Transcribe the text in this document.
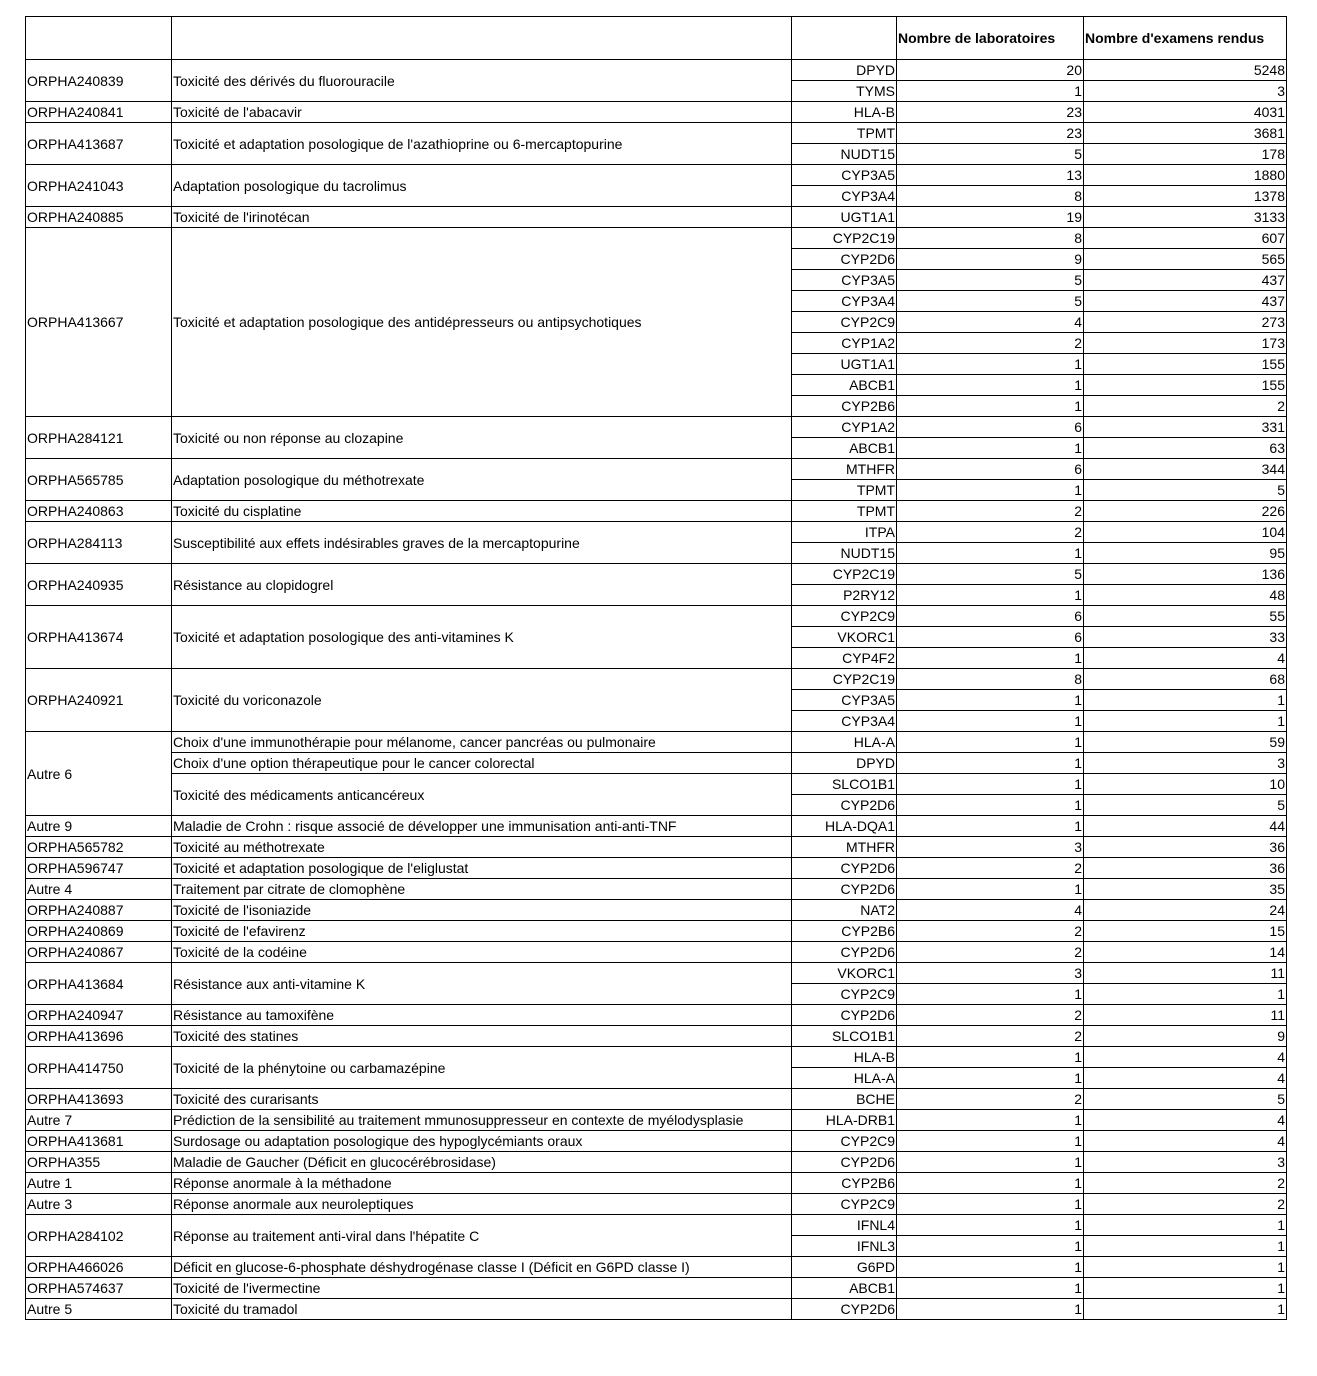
			Nombre de laboratoires	Nombre d'examens rendus
ORPHA240839	Toxicité des dérivés du fluorouracile	DPYD	20	5248
		TYMS	1	3
ORPHA240841	Toxicité de l'abacavir	HLA-B	23	4031
ORPHA413687	Toxicité et adaptation posologique de l'azathioprine ou 6-mercaptopurine	TPMT	23	3681
		NUDT15	5	178
ORPHA241043	Adaptation posologique du tacrolimus	CYP3A5	13	1880
		CYP3A4	8	1378
ORPHA240885	Toxicité de l'irinotécan	UGT1A1	19	3133
ORPHA413667	Toxicité et adaptation posologique des antidépresseurs ou antipsychotiques	CYP2C19	8	607
		CYP2D6	9	565
		CYP3A5	5	437
		CYP3A4	5	437
		CYP2C9	4	273
		CYP1A2	2	173
		UGT1A1	1	155
		ABCB1	1	155
		CYP2B6	1	2
ORPHA284121	Toxicité ou non réponse au clozapine	CYP1A2	6	331
		ABCB1	1	63
ORPHA565785	Adaptation posologique du méthotrexate	MTHFR	6	344
		TPMT	1	5
ORPHA240863	Toxicité du cisplatine	TPMT	2	226
ORPHA284113	Susceptibilité aux effets indésirables graves de la mercaptopurine	ITPA	2	104
		NUDT15	1	95
ORPHA240935	Résistance au clopidogrel	CYP2C19	5	136
		P2RY12	1	48
ORPHA413674	Toxicité et adaptation posologique des anti-vitamines K	CYP2C9	6	55
		VKORC1	6	33
		CYP4F2	1	4
ORPHA240921	Toxicité du voriconazole	CYP2C19	8	68
		CYP3A5	1	1
		CYP3A4	1	1
Autre 6	Choix d'une immunothérapie pour mélanome, cancer pancréas ou pulmonaire	HLA-A	1	59
	Choix d'une option thérapeutique pour le cancer colorectal	DPYD	1	3
	Toxicité des médicaments anticancéreux	SLCO1B1	1	10
		CYP2D6	1	5
Autre 9	Maladie de Crohn : risque associé de développer une immunisation anti-anti-TNF	HLA-DQA1	1	44
ORPHA565782	Toxicité au méthotrexate	MTHFR	3	36
ORPHA596747	Toxicité et adaptation posologique de l'eliglustat	CYP2D6	2	36
Autre 4	Traitement par citrate de clomophène	CYP2D6	1	35
ORPHA240887	Toxicité de l'isoniazide	NAT2	4	24
ORPHA240869	Toxicité de l'efavirenz	CYP2B6	2	15
ORPHA240867	Toxicité de la codéine	CYP2D6	2	14
ORPHA413684	Résistance aux anti-vitamine K	VKORC1	3	11
		CYP2C9	1	1
ORPHA240947	Résistance au tamoxifène	CYP2D6	2	11
ORPHA413696	Toxicité des statines	SLCO1B1	2	9
ORPHA414750	Toxicité de la phénytoine ou carbamazépine	HLA-B	1	4
		HLA-A	1	4
ORPHA413693	Toxicité des curarisants	BCHE	2	5
Autre 7	Prédiction de la sensibilité au traitement mmunosuppresseur en contexte de myélodysplasie	HLA-DRB1	1	4
ORPHA413681	Surdosage ou adaptation posologique des hypoglycémiants oraux	CYP2C9	1	4
ORPHA355	Maladie de Gaucher (Déficit en glucocérébrosidase)	CYP2D6	1	3
Autre 1	Réponse anormale à la méthadone	CYP2B6	1	2
Autre 3	Réponse anormale aux neuroleptiques	CYP2C9	1	2
ORPHA284102	Réponse au traitement anti-viral dans l'hépatite C	IFNL4	1	1
		IFNL3	1	1
ORPHA466026	Déficit en glucose-6-phosphate déshydrogénase classe I (Déficit en G6PD classe I)	G6PD	1	1
ORPHA574637	Toxicité de l'ivermectine	ABCB1	1	1
Autre 5	Toxicité du tramadol	CYP2D6	1	1
